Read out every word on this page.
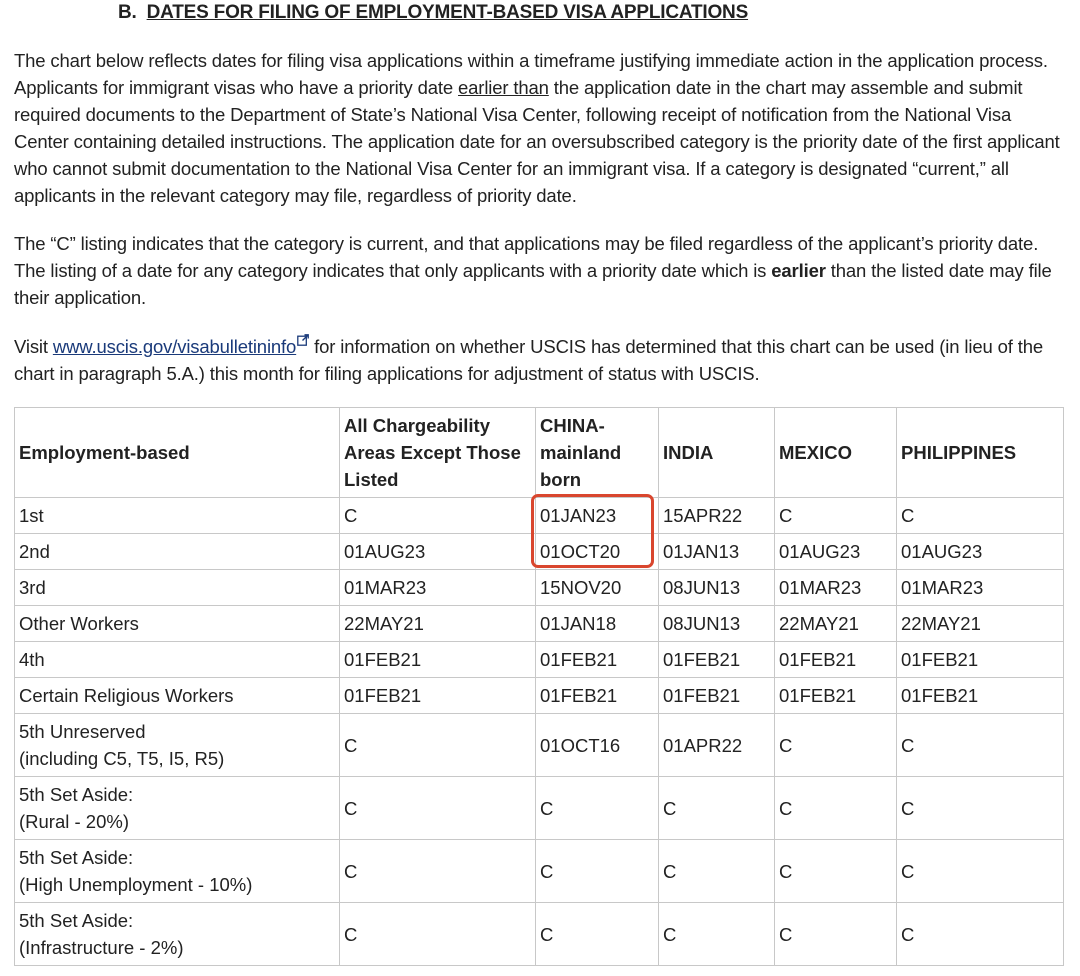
B. DATES FOR FILING OF EMPLOYMENT-BASED VISA APPLICATIONS

The chart below reflects dates for filing visa applications within a timeframe justifying immediate action in the application process. Applicants for immigrant visas who have a priority date earlier than the application date in the chart may assemble and submit required documents to the Department of State’s National Visa Center, following receipt of notification from the National Visa Center containing detailed instructions. The application date for an oversubscribed category is the priority date of the first applicant who cannot submit documentation to the National Visa Center for an immigrant visa. If a category is designated “current,” all applicants in the relevant category may file, regardless of priority date.

The “C” listing indicates that the category is current, and that applications may be filed regardless of the applicant’s priority date. The listing of a date for any category indicates that only applicants with a priority date which is earlier than the listed date may file their application.

Visit www.uscis.gov/visabulletininfo for information on whether USCIS has determined that this chart can be used (in lieu of the chart in paragraph 5.A.) this month for filing applications for adjustment of status with USCIS.

Employment-based	All Chargeability Areas Except Those Listed	CHINA-mainland born	INDIA	MEXICO	PHILIPPINES
1st	C	01JAN23	15APR22	C	C
2nd	01AUG23	01OCT20	01JAN13	01AUG23	01AUG23
3rd	01MAR23	15NOV20	08JUN13	01MAR23	01MAR23
Other Workers	22MAY21	01JAN18	08JUN13	22MAY21	22MAY21
4th	01FEB21	01FEB21	01FEB21	01FEB21	01FEB21
Certain Religious Workers	01FEB21	01FEB21	01FEB21	01FEB21	01FEB21
5th Unreserved
(including C5, T5, I5, R5)	C	01OCT16	01APR22	C	C
5th Set Aside:
(Rural - 20%)	C	C	C	C	C
5th Set Aside:
(High Unemployment - 10%)	C	C	C	C	C
5th Set Aside:
(Infrastructure - 2%)	C	C	C	C	C
